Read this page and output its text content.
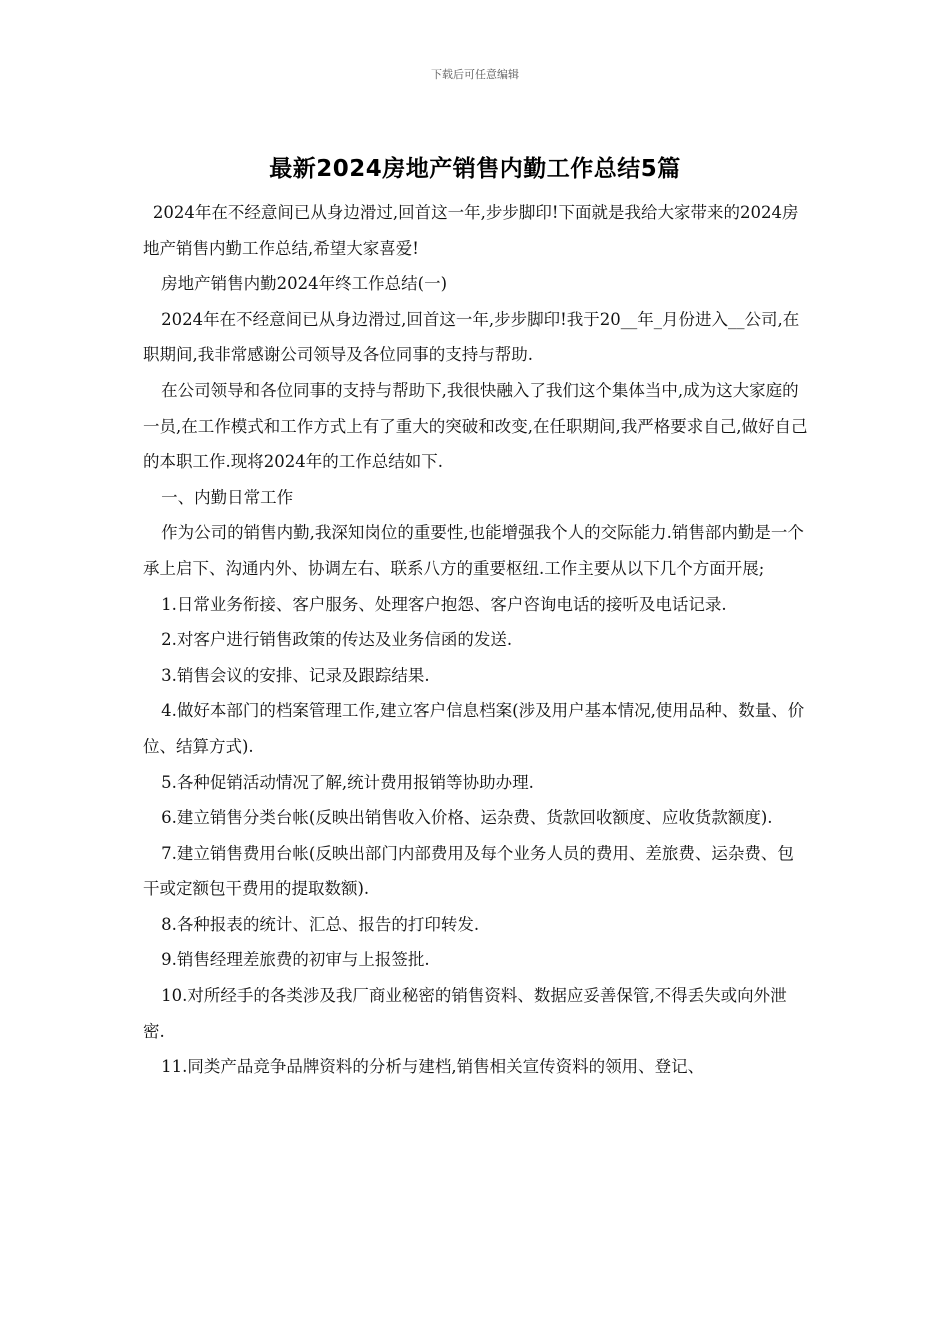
下载后可任意编辑
最新2024房地产销售内勤工作总结5篇

2024年在不经意间已从身边滑过,回首这一年,步步脚印!下面就是我给大家带来的2024房地产销售内勤工作总结,希望大家喜爱!

房地产销售内勤2024年终工作总结(一)

2024年在不经意间已从身边滑过,回首这一年,步步脚印!我于20__年_月份进入__公司,在职期间,我非常感谢公司领导及各位同事的支持与帮助.

在公司领导和各位同事的支持与帮助下,我很快融入了我们这个集体当中,成为这大家庭的一员,在工作模式和工作方式上有了重大的突破和改变,在任职期间,我严格要求自己,做好自己的本职工作.现将2024年的工作总结如下.

一、内勤日常工作

作为公司的销售内勤,我深知岗位的重要性,也能增强我个人的交际能力.销售部内勤是一个承上启下、沟通内外、协调左右、联系八方的重要枢纽.工作主要从以下几个方面开展;

1.日常业务衔接、客户服务、处理客户抱怨、客户咨询电话的接听及电话记录.

2.对客户进行销售政策的传达及业务信函的发送.

3.销售会议的安排、记录及跟踪结果.

4.做好本部门的档案管理工作,建立客户信息档案(涉及用户基本情况,使用品种、数量、价位、结算方式).

5.各种促销活动情况了解,统计费用报销等协助办理.

6.建立销售分类台帐(反映出销售收入价格、运杂费、货款回收额度、应收货款额度).

7.建立销售费用台帐(反映出部门内部费用及每个业务人员的费用、差旅费、运杂费、包干或定额包干费用的提取数额).

8.各种报表的统计、汇总、报告的打印转发.

9.销售经理差旅费的初审与上报签批.

10.对所经手的各类涉及我厂商业秘密的销售资料、数据应妥善保管,不得丢失或向外泄密.

11.同类产品竞争品牌资料的分析与建档,销售相关宣传资料的领用、登记、
